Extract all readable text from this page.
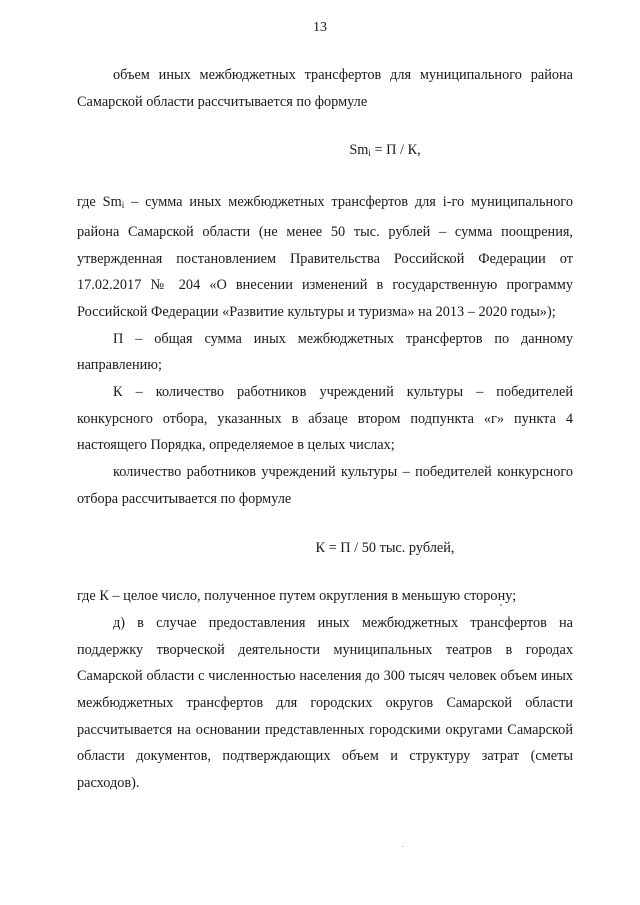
13

объем иных межбюджетных трансфертов для муниципального района Самарской области рассчитывается по формуле

$Sm_i = П / К$,

где $Sm_i$ – сумма иных межбюджетных трансфертов для i-го муниципального района Самарской области (не менее 50 тыс. рублей – сумма поощрения, утвержденная постановлением Правительства Российской Федерации от 17.02.2017 № 204 «О внесении изменений в государственную программу Российской Федерации «Развитие культуры и туризма» на 2013 – 2020 годы»);

П – общая сумма иных межбюджетных трансфертов по данному направлению;

К – количество работников учреждений культуры – победителей конкурсного отбора, указанных в абзаце втором подпункта «г» пункта 4 настоящего Порядка, определяемое в целых числах;

количество работников учреждений культуры – победителей конкурсного отбора рассчитывается по формуле

К = П / 50 тыс. рублей,

где К – целое число, полученное путем округления в меньшую сторону;

д) в случае предоставления иных межбюджетных трансфертов на поддержку творческой деятельности муниципальных театров в городах Самарской области с численностью населения до 300 тысяч человек объем иных межбюджетных трансфертов для городских округов Самарской области рассчитывается на основании представленных городскими округами Самарской области документов, подтверждающих объем и структуру затрат (сметы расходов).
